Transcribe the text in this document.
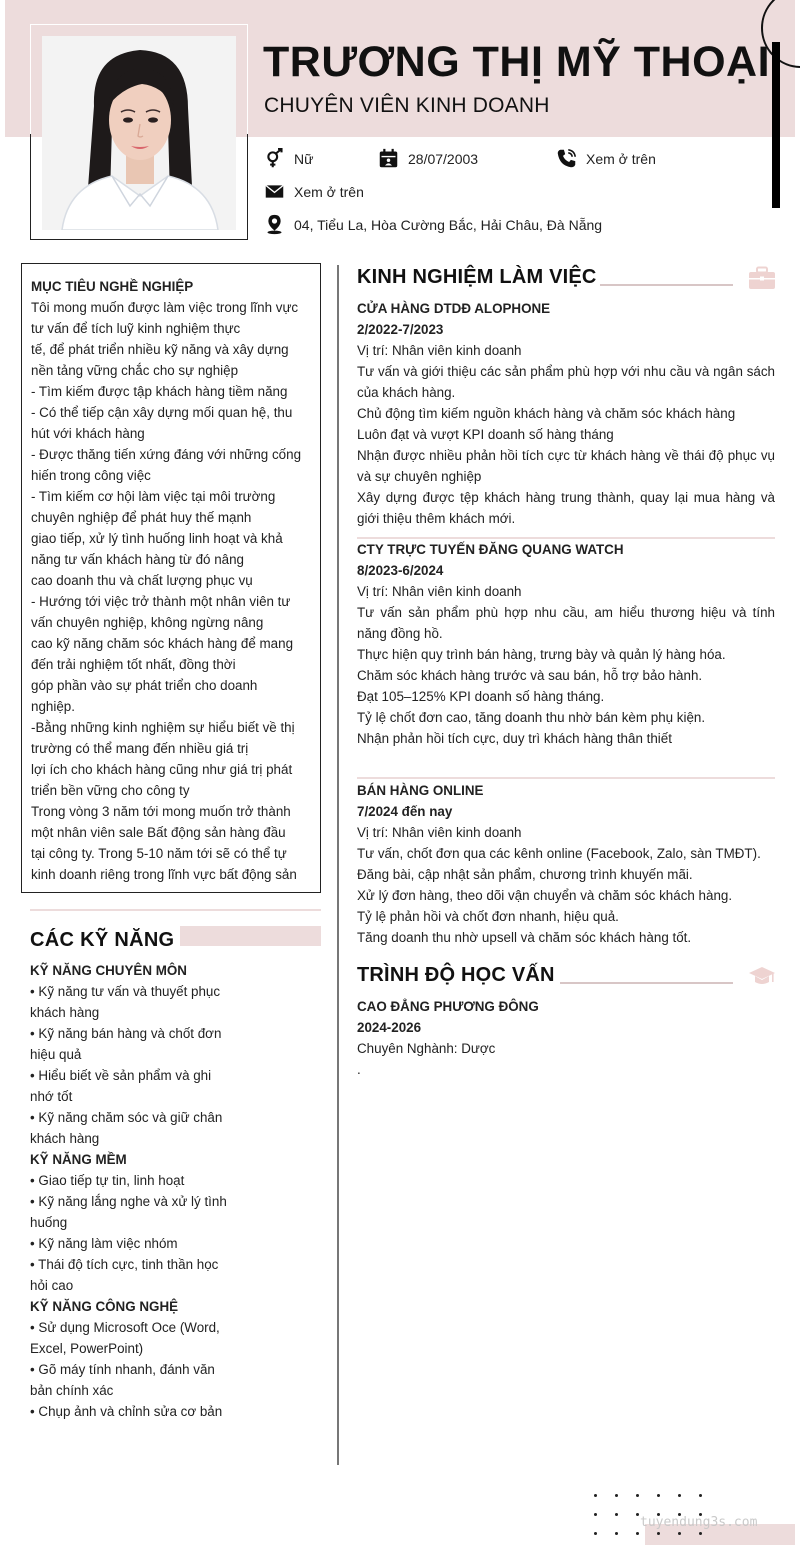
TRƯƠNG THỊ MỸ THOẠI
CHUYÊN VIÊN KINH DOANH
Nữ	28/07/2003	Xem ở trên
Xem ở trên
04, Tiểu La, Hòa Cường Bắc, Hải Châu, Đà Nẵng
MỤC TIÊU NGHỀ NGHIỆP
Tôi mong muốn được làm việc trong lĩnh vực
tư vấn để tích luỹ kinh nghiệm thực
tế, để phát triển nhiều kỹ năng và xây dựng
nền tảng vững chắc cho sự nghiệp
- Tìm kiếm được tập khách hàng tiềm năng
- Có thể tiếp cận xây dựng mối quan hệ, thu
hút với khách hàng
- Được thăng tiến xứng đáng với những cống
hiến trong công việc
- Tìm kiếm cơ hội làm việc tại môi trường
chuyên nghiệp để phát huy thế mạnh
giao tiếp, xử lý tình huống linh hoạt và khả
năng tư vấn khách hàng từ đó nâng
cao doanh thu và chất lượng phục vụ
- Hướng tới việc trở thành một nhân viên tư
vấn chuyên nghiệp, không ngừng nâng
cao kỹ năng chăm sóc khách hàng để mang
đến trải nghiệm tốt nhất, đồng thời
góp phần vào sự phát triển cho doanh
nghiệp.
-Bằng những kinh nghiệm sự hiểu biết về thị
trường có thể mang đến nhiều giá trị
lợi ích cho khách hàng cũng như giá trị phát
triển bền vững cho công ty
Trong vòng 3 năm tới mong muốn trở thành
một nhân viên sale Bất động sản hàng đầu
tại công ty. Trong 5-10 năm tới sẽ có thể tự
kinh doanh riêng trong lĩnh vực bất động sản
CÁC KỸ NĂNG
KỸ NĂNG CHUYÊN MÔN
• Kỹ năng tư vấn và thuyết phục
khách hàng
• Kỹ năng bán hàng và chốt đơn
hiệu quả
• Hiểu biết về sản phẩm và ghi
nhớ tốt
• Kỹ năng chăm sóc và giữ chân
khách hàng
KỸ NĂNG MỀM
• Giao tiếp tự tin, linh hoạt
• Kỹ năng lắng nghe và xử lý tình
huống
• Kỹ năng làm việc nhóm
• Thái độ tích cực, tinh thần học
hỏi cao
KỸ NĂNG CÔNG NGHỆ
• Sử dụng Microsoft Oce (Word,
Excel, PowerPoint)
• Gõ máy tính nhanh, đánh văn
bản chính xác
• Chụp ảnh và chỉnh sửa cơ bản
KINH NGHIỆM LÀM VIỆC
CỬA HÀNG DTDĐ ALOPHONE
2/2022-7/2023
Vị trí: Nhân viên kinh doanh
Tư vấn và giới thiệu các sản phẩm phù hợp với nhu cầu và ngân sách của khách hàng.
Chủ động tìm kiếm nguồn khách hàng và chăm sóc khách hàng
Luôn đạt và vượt KPI doanh số hàng tháng
Nhận được nhiều phản hồi tích cực từ khách hàng về thái độ phục vụ và sự chuyên nghiệp
Xây dựng được tệp khách hàng trung thành, quay lại mua hàng và giới thiệu thêm khách mới.
CTY TRỰC TUYẾN ĐĂNG QUANG WATCH
8/2023-6/2024
Vị trí: Nhân viên kinh doanh
Tư vấn sản phẩm phù hợp nhu cầu, am hiểu thương hiệu và tính năng đồng hồ.
Thực hiện quy trình bán hàng, trưng bày và quản lý hàng hóa.
Chăm sóc khách hàng trước và sau bán, hỗ trợ bảo hành.
Đạt 105–125% KPI doanh số hàng tháng.
Tỷ lệ chốt đơn cao, tăng doanh thu nhờ bán kèm phụ kiện.
Nhận phản hồi tích cực, duy trì khách hàng thân thiết
BÁN HÀNG ONLINE
7/2024 đến nay
Vị trí: Nhân viên kinh doanh
Tư vấn, chốt đơn qua các kênh online (Facebook, Zalo, sàn TMĐT).
Đăng bài, cập nhật sản phẩm, chương trình khuyến mãi.
Xử lý đơn hàng, theo dõi vận chuyển và chăm sóc khách hàng.
Tỷ lệ phản hồi và chốt đơn nhanh, hiệu quả.
Tăng doanh thu nhờ upsell và chăm sóc khách hàng tốt.
TRÌNH ĐỘ HỌC VẤN
CAO ĐẲNG PHƯƠNG ĐÔNG
2024-2026
Chuyên Nghành: Dược
.
tuyendung3s.com
